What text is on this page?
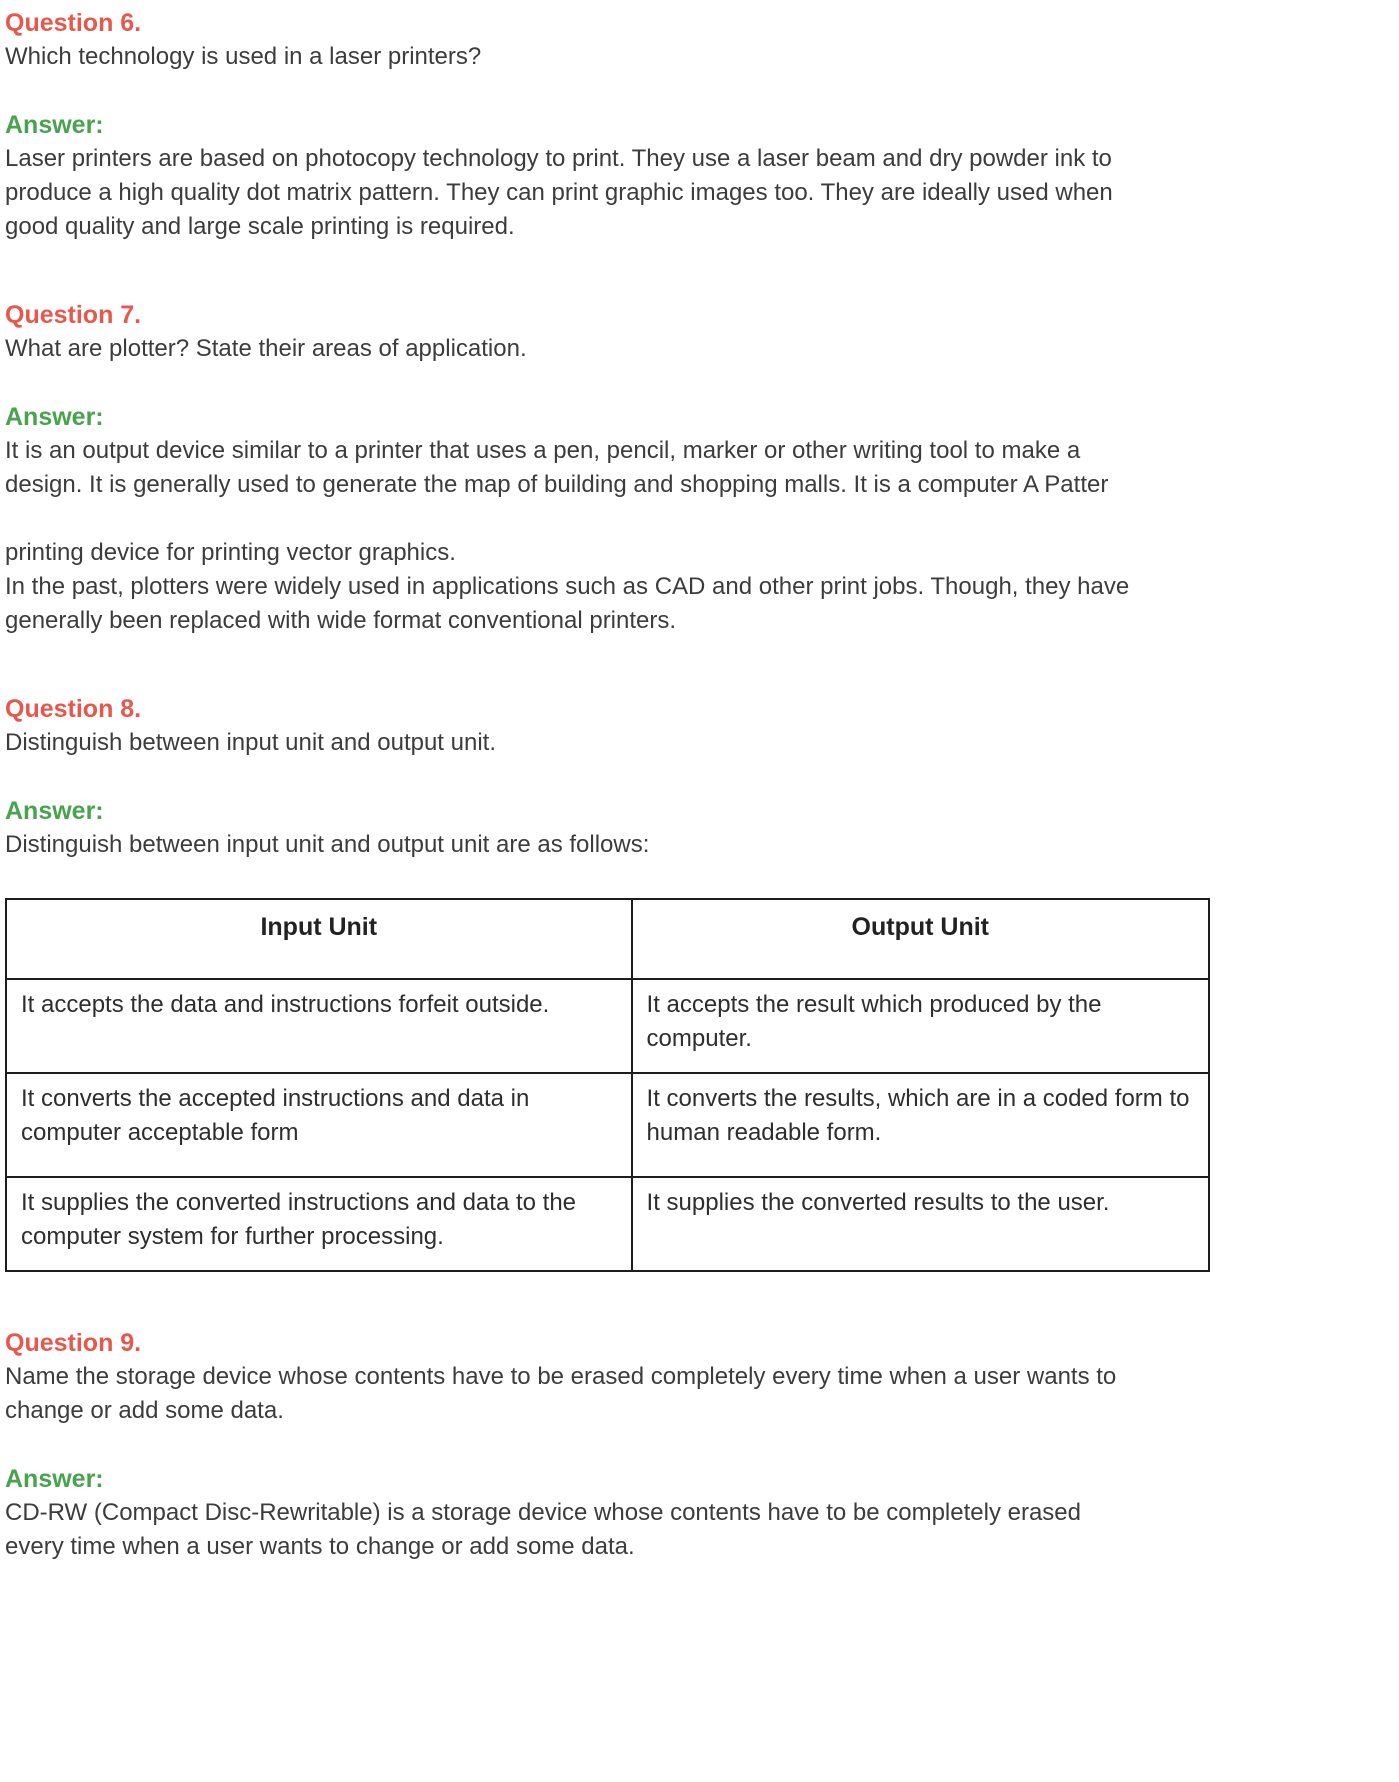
Question 6.

Which technology is used in a laser printers?

Answer:

Laser printers are based on photocopy technology to print. They use a laser beam and dry powder ink to produce a high quality dot matrix pattern. They can print graphic images too. They are ideally used when good quality and large scale printing is required.

Question 7.

What are plotter? State their areas of application.

Answer:

It is an output device similar to a printer that uses a pen, pencil, marker or other writing tool to make a design. It is generally used to generate the map of building and shopping malls. It is a computer A Patter

printing device for printing vector graphics.

In the past, plotters were widely used in applications such as CAD and other print jobs. Though, they have generally been replaced with wide format conventional printers.

Question 8.

Distinguish between input unit and output unit.

Answer:

Distinguish between input unit and output unit are as follows:

Input Unit	Output Unit
It accepts the data and instructions forfeit outside.	It accepts the result which produced by the computer.
It converts the accepted instructions and data in computer acceptable form	It converts the results, which are in a coded form to human readable form.
It supplies the converted instructions and data to the computer system for further processing.	It supplies the converted results to the user.
Question 9.

Name the storage device whose contents have to be erased completely every time when a user wants to change or add some data.

Answer:

CD-RW (Compact Disc-Rewritable) is a storage device whose contents have to be completely erased every time when a user wants to change or add some data.
